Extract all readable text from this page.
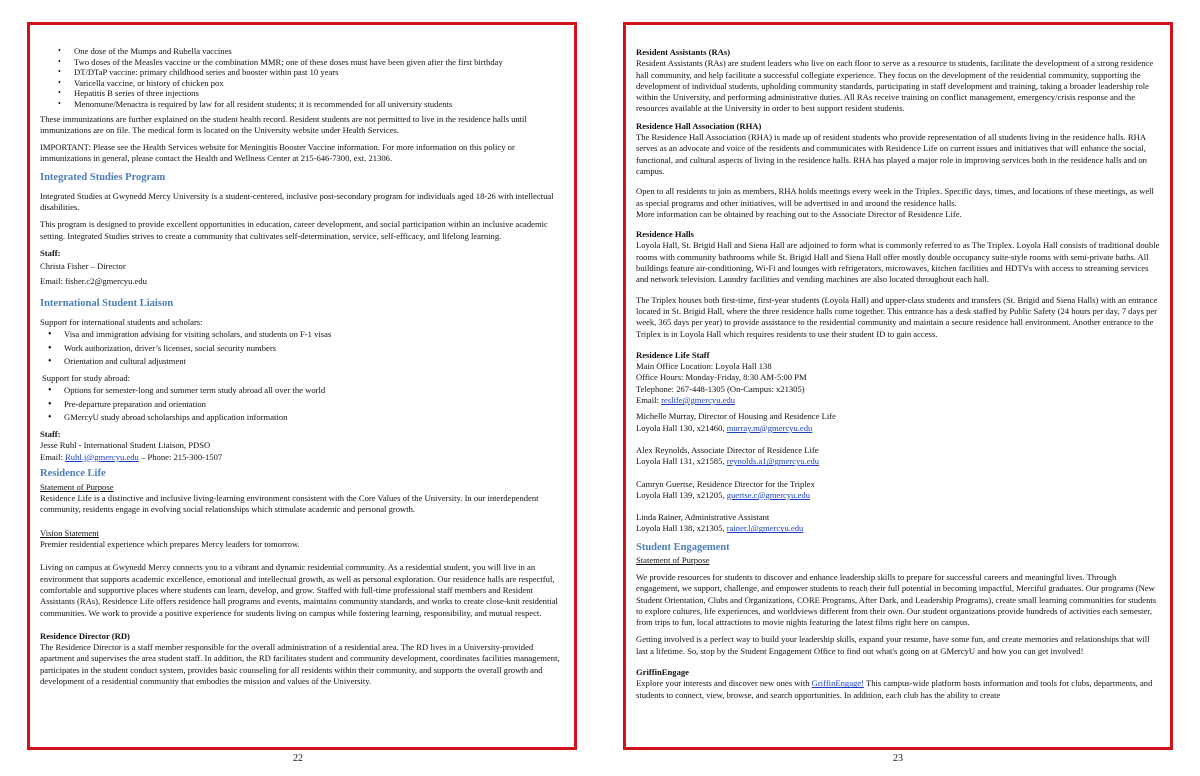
• One dose of the Mumps and Rubella vaccines
• Two doses of the Measles vaccine or the combination MMR; one of these doses must have been given after the first birthday
• DT/DTaP vaccine: primary childhood series and booster within past 10 years
• Varicella vaccine, or history of chicken pox
• Hepatitis B series of three injections
• Menomune/Menactra is required by law for all resident students; it is recommended for all university students

These immunizations are further explained on the student health record. Resident students are not permitted to live in the residence halls until immunizations are on file. The medical form is located on the University website under Health Services.

IMPORTANT: Please see the Health Services website for Meningitis Booster Vaccine information. For more information on this policy or immunizations in general, please contact the Health and Wellness Center at 215-646-7300, ext. 21306.

Integrated Studies Program

Integrated Studies at Gwynedd Mercy University is a student-centered, inclusive post-secondary program for individuals aged 18-26 with intellectual disabilities.

This program is designed to provide excellent opportunities in education, career development, and social participation within an inclusive academic setting. Integrated Studies strives to create a community that cultivates self-determination, service, self-efficacy, and lifelong learning.

Staff:

Christa Fisher – Director

Email: fisher.c2@gmercyu.edu

International Student Liaison

Support for international students and scholars:

• Visa and immigration advising for visiting scholars, and students on F-1 visas
• Work authorization, driver’s licenses, social security numbers
• Orientation and cultural adjustment

Support for study abroad:

• Options for semester-long and summer term study abroad all over the world
• Pre-departure preparation and orientation
• GMercyU study abroad scholarships and application information

Staff:

Jesse Ruhl - International Student Liaison, PDSO

Email: Ruhl.j@gmercyu.edu – Phone: 215-300-1507

Residence Life
Statement of Purpose

Residence Life is a distinctive and inclusive living-learning environment consistent with the Core Values of the University. In our interdependent community, residents engage in evolving social relationships which stimulate academic and personal growth.

Vision Statement

Premier residential experience which prepares Mercy leaders for tomorrow.

Living on campus at Gwynedd Mercy connects you to a vibrant and dynamic residential community. As a residential student, you will live in an environment that supports academic excellence, emotional and intellectual growth, as well as personal exploration. Our residence halls are respectful, comfortable and supportive places where students can learn, develop, and grow. Staffed with full-time professional staff members and Resident Assistants (RAs), Residence Life offers residence hall programs and events, maintains community standards, and works to create close-knit residential communities. We work to provide a positive experience for students living on campus while fostering learning, responsibility, and mutual respect.

Residence Director (RD)

The Residence Director is a staff member responsible for the overall administration of a residential area. The RD lives in a University-provided apartment and supervises the area student staff. In addition, the RD facilitates student and community development, coordinates facilities management, participates in the student conduct system, provides basic counseling for all residents within their community, and supports the overall growth and development of a residential community that embodies the mission and values of the University.

22

Resident Assistants (RAs)

Resident Assistants (RAs) are student leaders who live on each floor to serve as a resource to students, facilitate the development of a strong residence hall community, and help facilitate a successful collegiate experience. They focus on the development of the residential community, supporting the development of individual students, upholding community standards, participating in staff development and training, taking a broader leadership role within the University, and performing administrative duties. All RAs receive training on conflict management, emergency/crisis response and the resources available at the University in order to best support resident students.

Residence Hall Association (RHA)

The Residence Hall Association (RHA) is made up of resident students who provide representation of all students living in the residence halls. RHA serves as an advocate and voice of the residents and communicates with Residence Life on current issues and initiatives that will enhance the social, functional, and cultural aspects of living in the residence halls. RHA has played a major role in improving services both in the residence halls and on campus.

Open to all residents to join as members, RHA holds meetings every week in the Triplex. Specific days, times, and locations of these meetings, as well as special programs and other initiatives, will be advertised in and around the residence halls.

More information can be obtained by reaching out to the Associate Director of Residence Life.

Residence Halls

Loyola Hall, St. Brigid Hall and Siena Hall are adjoined to form what is commonly referred to as The Triplex. Loyola Hall consists of traditional double rooms with community bathrooms while St. Brigid Hall and Siena Hall offer mostly double occupancy suite-style rooms with semi-private baths. All buildings feature air-conditioning, Wi-Fi and lounges with refrigerators, microwaves, kitchen facilities and HDTVs with access to streaming services and network television. Laundry facilities and vending machines are also located throughout each hall.

The Triplex houses both first-time, first-year students (Loyola Hall) and upper-class students and transfers (St. Brigid and Siena Halls) with an entrance located in St. Brigid Hall, where the three residence halls come together. This entrance has a desk staffed by Public Safety (24 hours per day, 7 days per week, 365 days per year) to provide assistance to the residential community and maintain a secure residence hall environment. Another entrance to the Triplex is in Loyola Hall which requires residents to use their student ID to gain access.

Residence Life Staff

Main Office Location: Loyola Hall 138

Office Hours: Monday-Friday, 8:30 AM-5:00 PM

Telephone: 267-448-1305 (On-Campus: x21305)

Email: reslife@gmercyu.edu

Michelle Murray, Director of Housing and Residence Life

Loyola Hall 130, x21460, murray.m@gmercyu.edu

Alex Reynolds, Associate Director of Residence Life

Loyola Hall 131, x21585, reynolds.a1@gmercyu.edu

Camryn Guertse, Residence Director for the Triplex

Loyola Hall 139, x21205, guertse.c@gmercyu.edu

Linda Rainer, Administrative Assistant

Loyola Hall 138, x21305, rainer.l@gmercyu.edu

Student Engagement
Statement of Purpose

We provide resources for students to discover and enhance leadership skills to prepare for successful careers and meaningful lives. Through engagement, we support, challenge, and empower students to reach their full potential in becoming impactful, Merciful graduates. Our programs (New Student Orientation, Clubs and Organizations, CORE Programs, After Dark, and Leadership Programs), create small learning communities for students to explore cultures, life experiences, and worldviews different from their own. Our student organizations provide hundreds of activities each semester, from trips to fun, local attractions to movie nights featuring the latest films right here on campus.

Getting involved is a perfect way to build your leadership skills, expand your resume, have some fun, and create memories and relationships that will last a lifetime. So, stop by the Student Engagement Office to find out what's going on at GMercyU and how you can get involved!

GriffinEngage

Explore your interests and discover new ones with GriffinEngage! This campus-wide platform hosts information and tools for clubs, departments, and students to connect, view, browse, and search opportunities. In addition, each club has the ability to create

23
